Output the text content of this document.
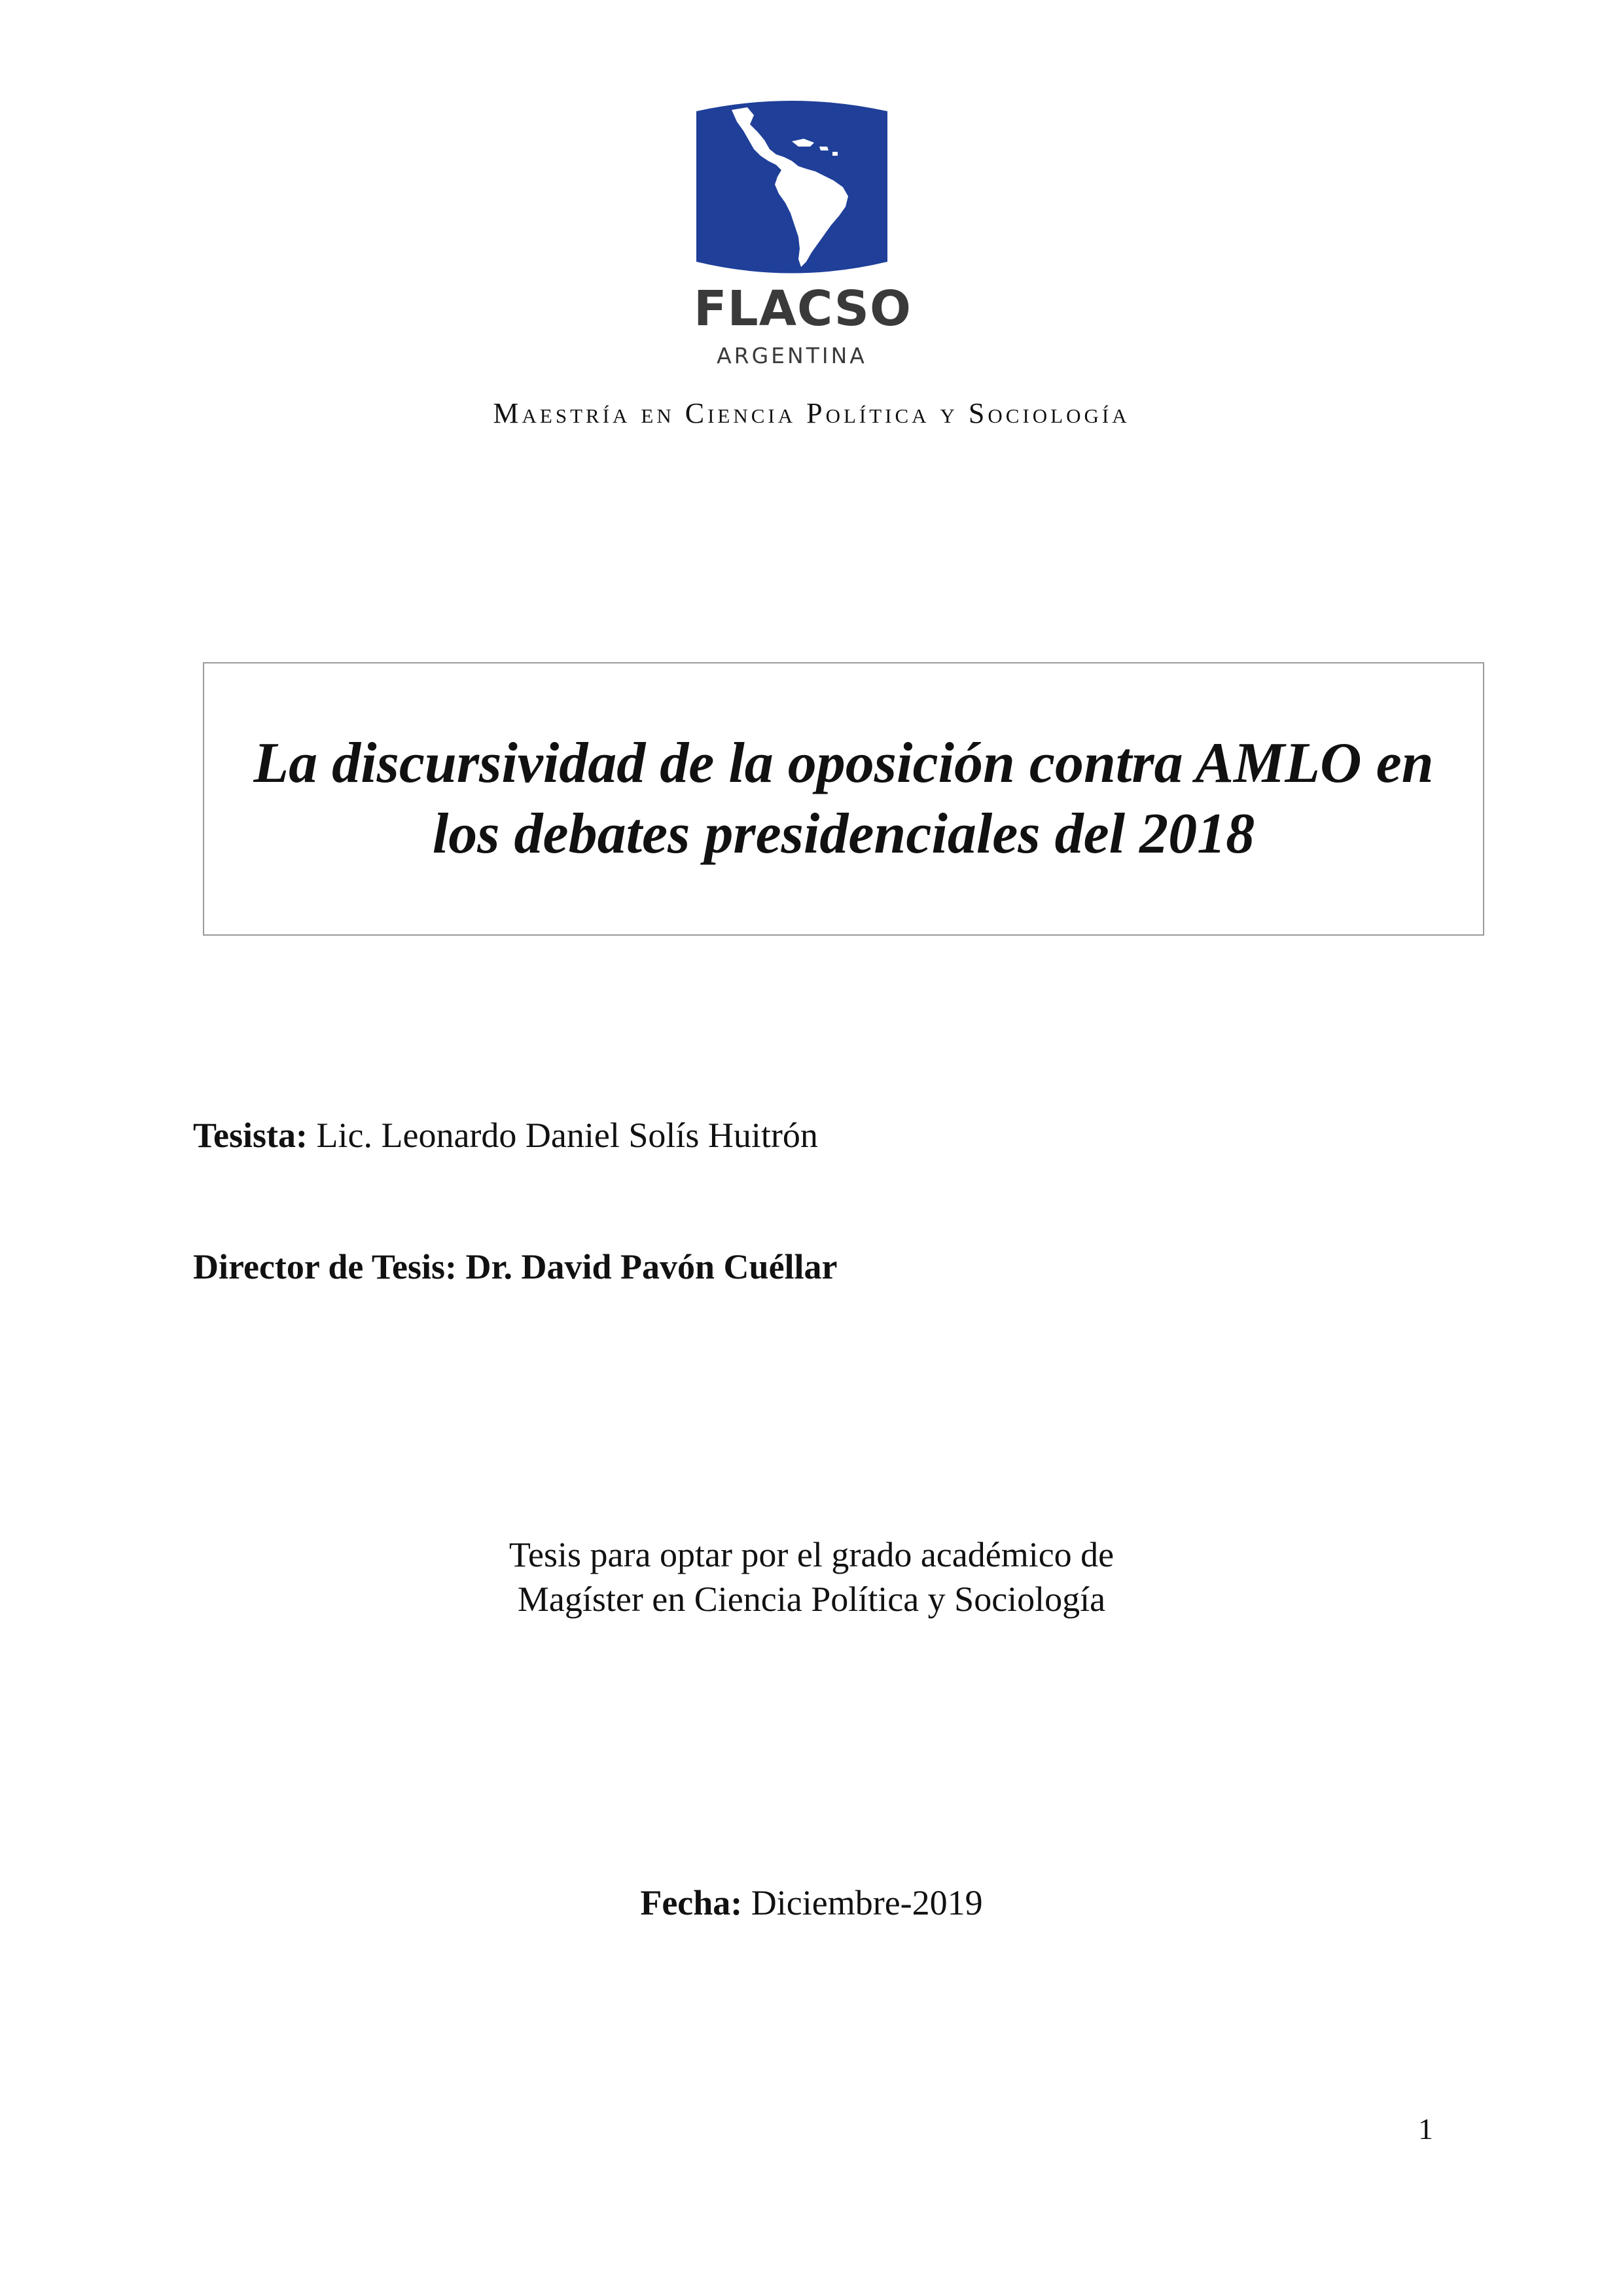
FLACSO
ARGENTINA
Maestría en Ciencia Política y Sociología
La discursividad de la oposición contra AMLO en
los debates presidenciales del 2018
Tesista: Lic. Leonardo Daniel Solís Huitrón
Director de Tesis: Dr. David Pavón Cuéllar
Tesis para optar por el grado académico de
Magíster en Ciencia Política y Sociología
Fecha: Diciembre-2019
1
